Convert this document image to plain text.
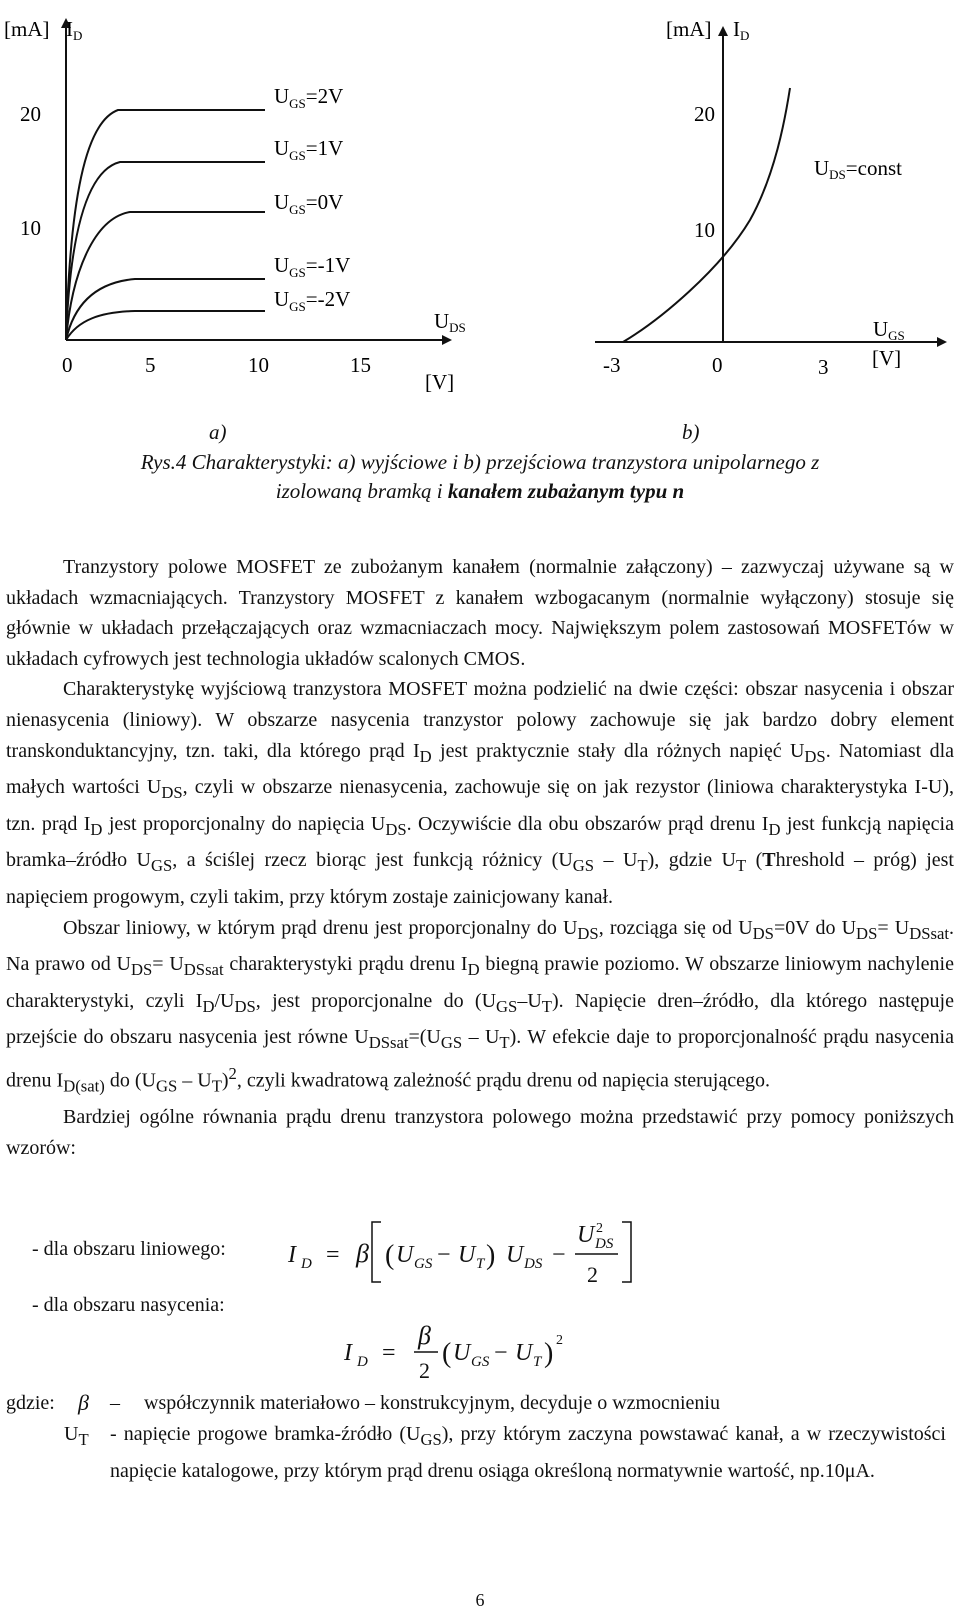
[mA] ID
20
10
0	5	10	15
UDS
[V]
$U_{GS}=2V$
$U_{GS}=1V$
$U_{GS}=0V$
$U_{GS}=-1V$
$U_{GS}=-2V$
[mA] ID
20
10
-3	0	3
UGS
[V]
UDS=const
a)	b)
Rys.4 Charakterystyki: a) wyjściowe i b) przejściowa tranzystora unipolarnego z
izolowaną bramką i kanałem zubażanym typu n

Tranzystory polowe MOSFET ze zubożanym kanałem (normalnie załączony) – zazwyczaj używane są w układach wzmacniających. Tranzystory MOSFET z kanałem wzbogacanym (normalnie wyłączony) stosuje się głównie w układach przełączających oraz wzmacniaczach mocy. Największym polem zastosowań MOSFETów w układach cyfrowych jest technologia układów scalonych CMOS.

Charakterystykę wyjściową tranzystora MOSFET można podzielić na dwie części: obszar nasycenia i obszar nienasycenia (liniowy). W obszarze nasycenia tranzystor polowy zachowuje się jak bardzo dobry element transkonduktancyjny, tzn. taki, dla którego prąd $I_D$ jest praktycznie stały dla różnych napięć $U_{DS}$. Natomiast dla małych wartości $U_{DS}$, czyli w obszarze nienasycenia, zachowuje się on jak rezystor (liniowa charakterystyka I-U), tzn. prąd $I_D$ jest proporcjonalny do napięcia $U_{DS}$. Oczywiście dla obu obszarów prąd drenu $I_D$ jest funkcją napięcia bramka–źródło $U_{GS}$, a ściślej rzecz biorąc jest funkcją różnicy $(U_{GS} - U_T)$, gdzie $U_T$ (Threshold – próg) jest napięciem progowym, czyli takim, przy którym zostaje zainicjowany kanał.

Obszar liniowy, w którym prąd drenu jest proporcjonalny do $U_{DS}$, rozciąga się od $U_{DS}=0V$ do $U_{DS}= U_{DSsat}$. Na prawo od $U_{DS}= U_{DSsat}$ charakterystyki prądu drenu $I_D$ biegną prawie poziomo. W obszarze liniowym nachylenie charakterystyki, czyli $I_D/U_{DS}$, jest proporcjonalne do $(U_{GS}-U_T)$. Napięcie dren–źródło, dla którego następuje przejście do obszaru nasycenia jest równe $U_{DSsat}=(U_{GS} - U_T)$. W efekcie daje to proporcjonalność prądu nasycenia drenu $I_{D(sat)}$ do $(U_{GS} - U_T)^2$, czyli kwadratową zależność prądu drenu od napięcia sterującego.

Bardziej ogólne równania prądu drenu tranzystora polowego można przedstawić przy pomocy poniższych wzorów:

- dla obszaru liniowego:	I D = β ( U GS − U T ) U DS −
U 2
DS
2
- dla obszaru nasycenia:
I D =
β
2
( U GS − U T ) 2
gdzie: β – współczynnik materiałowo – konstrukcyjnym, decyduje o wzmocnieniu
$U_T$ - napięcie progowe bramka-źródło $(U_{GS})$, przy którym zaczyna powstawać kanał, a w rzeczywistości napięcie katalogowe, przy którym prąd drenu osiąga określoną normatywnie wartość, np.10μA.
6
